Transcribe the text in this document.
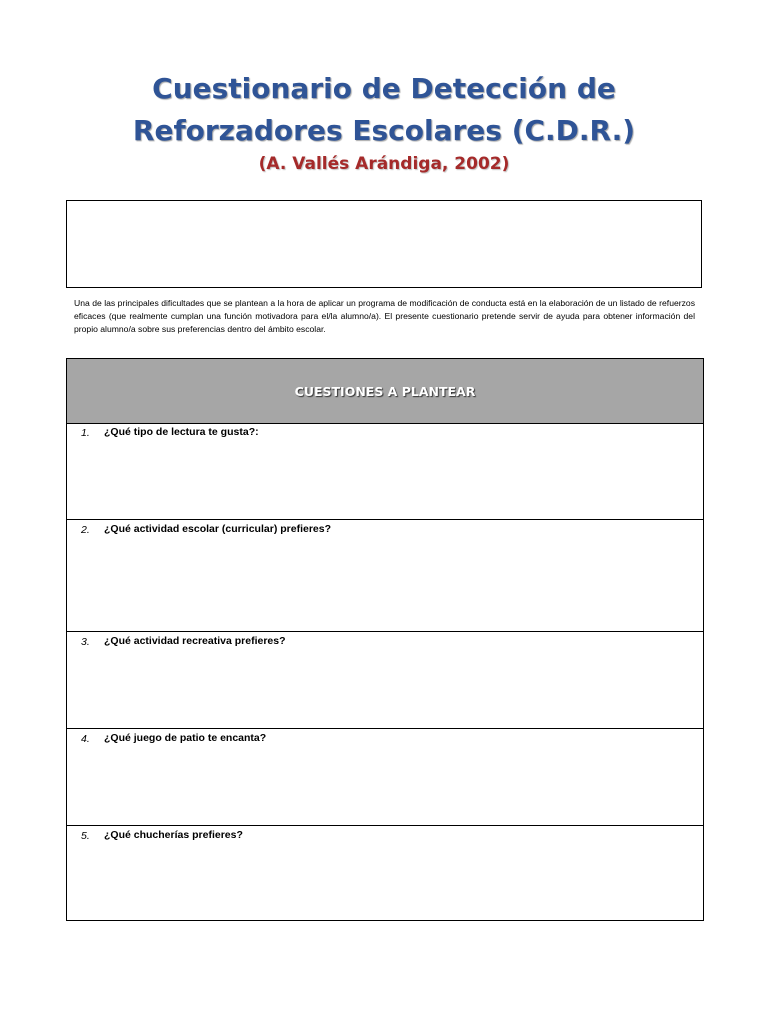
Cuestionario de Detección de
Reforzadores Escolares (C.D.R.)
(A. Vallés Arándiga, 2002)

Una de las principales dificultades que se plantean a la hora de aplicar un programa de modificación de conducta está en la elaboración de un listado de refuerzos eficaces (que realmente cumplan una función motivadora para el/la alumno/a). El presente cuestionario pretende servir de ayuda para obtener información del propio alumno/a sobre sus preferencias dentro del ámbito escolar.

CUESTIONES A PLANTEAR
1. ¿Qué tipo de lectura te gusta?:
2. ¿Qué actividad escolar (curricular) prefieres?
3. ¿Qué actividad recreativa prefieres?
4. ¿Qué juego de patio te encanta?
5. ¿Qué chucherías prefieres?
